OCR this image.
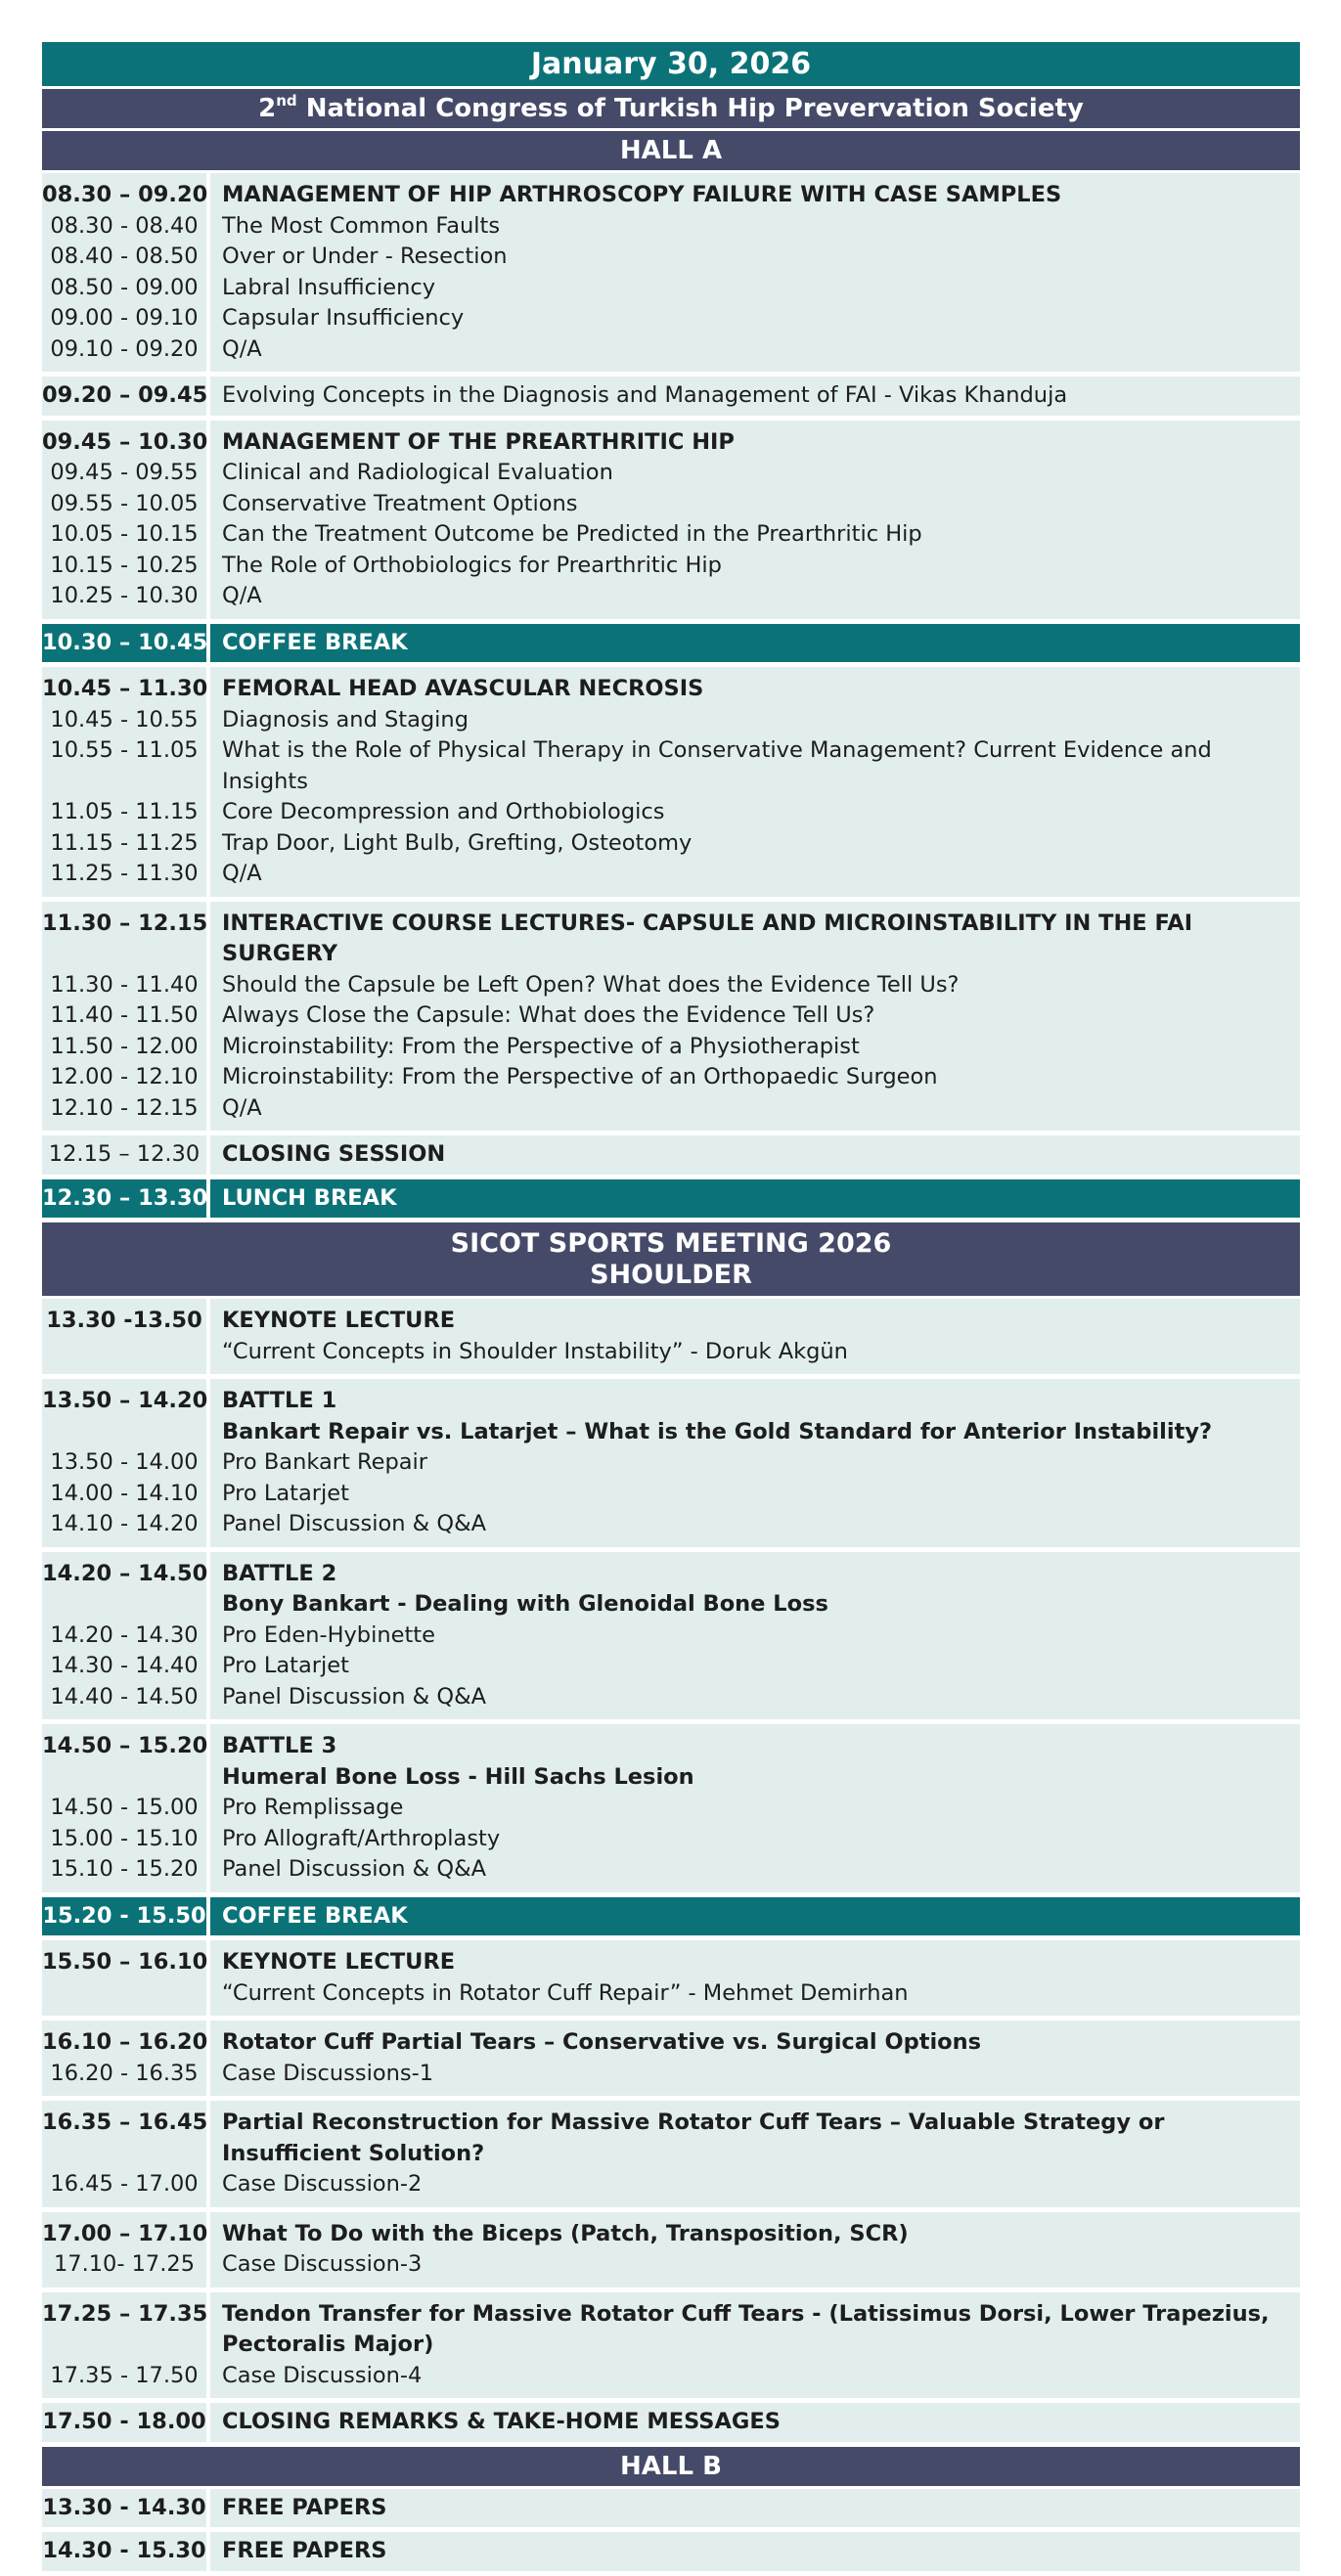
January 30, 2026
2nd National Congress of Turkish Hip Prevervation Society
HALL A
08.30 – 09.20
08.30 - 08.40
08.40 - 08.50
08.50 - 09.00
09.00 - 09.10
09.10 - 09.20
MANAGEMENT OF HIP ARTHROSCOPY FAILURE WITH CASE SAMPLES
The Most Common Faults
Over or Under - Resection
Labral Insufficiency
Capsular Insufficiency
Q/A
09.20 – 09.45 Evolving Concepts in the Diagnosis and Management of FAI - Vikas Khanduja
09.45 – 10.30
09.45 - 09.55
09.55 - 10.05
10.05 - 10.15
10.15 - 10.25
10.25 - 10.30
MANAGEMENT OF THE PREARTHRITIC HIP
Clinical and Radiological Evaluation
Conservative Treatment Options
Can the Treatment Outcome be Predicted in the Prearthritic Hip
The Role of Orthobiologics for Prearthritic Hip
Q/A
10.30 – 10.45 COFFEE BREAK
10.45 – 11.30
10.45 - 10.55
10.55 - 11.05
11.05 - 11.15
11.15 - 11.25
11.25 - 11.30
FEMORAL HEAD AVASCULAR NECROSIS
Diagnosis and Staging
What is the Role of Physical Therapy in Conservative Management? Current Evidence and Insights
Core Decompression and Orthobiologics
Trap Door, Light Bulb, Grefting, Osteotomy
Q/A
11.30 – 12.15
11.30 - 11.40
11.40 - 11.50
11.50 - 12.00
12.00 - 12.10
12.10 - 12.15
INTERACTIVE COURSE LECTURES- CAPSULE AND MICROINSTABILITY IN THE FAI SURGERY
Should the Capsule be Left Open? What does the Evidence Tell Us?
Always Close the Capsule: What does the Evidence Tell Us?
Microinstability: From the Perspective of a Physiotherapist
Microinstability: From the Perspective of an Orthopaedic Surgeon
Q/A
12.15 – 12.30	CLOSING SESSION
12.30 – 13.30 LUNCH BREAK
SICOT SPORTS MEETING 2026
SHOULDER
13.30 -13.50 KEYNOTE LECTURE
“Current Concepts in Shoulder Instability” - Doruk Akgün
13.50 – 14.20
13.50 - 14.00
14.00 - 14.10
14.10 - 14.20
BATTLE 1
Bankart Repair vs. Latarjet – What is the Gold Standard for Anterior Instability?
Pro Bankart Repair
Pro Latarjet
Panel Discussion & Q&A
14.20 – 14.50
14.20 - 14.30
14.30 - 14.40
14.40 - 14.50
BATTLE 2
Bony Bankart - Dealing with Glenoidal Bone Loss
Pro Eden-Hybinette
Pro Latarjet
Panel Discussion & Q&A
14.50 – 15.20
14.50 - 15.00
15.00 - 15.10
15.10 - 15.20
BATTLE 3
Humeral Bone Loss - Hill Sachs Lesion
Pro Remplissage
Pro Allograft/Arthroplasty
Panel Discussion & Q&A
15.20 - 15.50 COFFEE BREAK
15.50 – 16.10 KEYNOTE LECTURE
“Current Concepts in Rotator Cuff Repair” - Mehmet Demirhan
16.10 – 16.20
16.20 - 16.35
Rotator Cuff Partial Tears – Conservative vs. Surgical Options
Case Discussions-1
16.35 – 16.45
16.45 - 17.00
Partial Reconstruction for Massive Rotator Cuff Tears – Valuable Strategy or Insufficient Solution?
Case Discussion-2
17.00 – 17.10
17.10- 17.25
What To Do with the Biceps (Patch, Transposition, SCR)
Case Discussion-3
17.25 – 17.35
17.35 - 17.50
Tendon Transfer for Massive Rotator Cuff Tears - (Latissimus Dorsi, Lower Trapezius, Pectoralis Major)
Case Discussion-4
17.50 - 18.00 CLOSING REMARKS & TAKE-HOME MESSAGES
HALL B
13.30 - 14.30 FREE PAPERS
14.30 - 15.30 FREE PAPERS
